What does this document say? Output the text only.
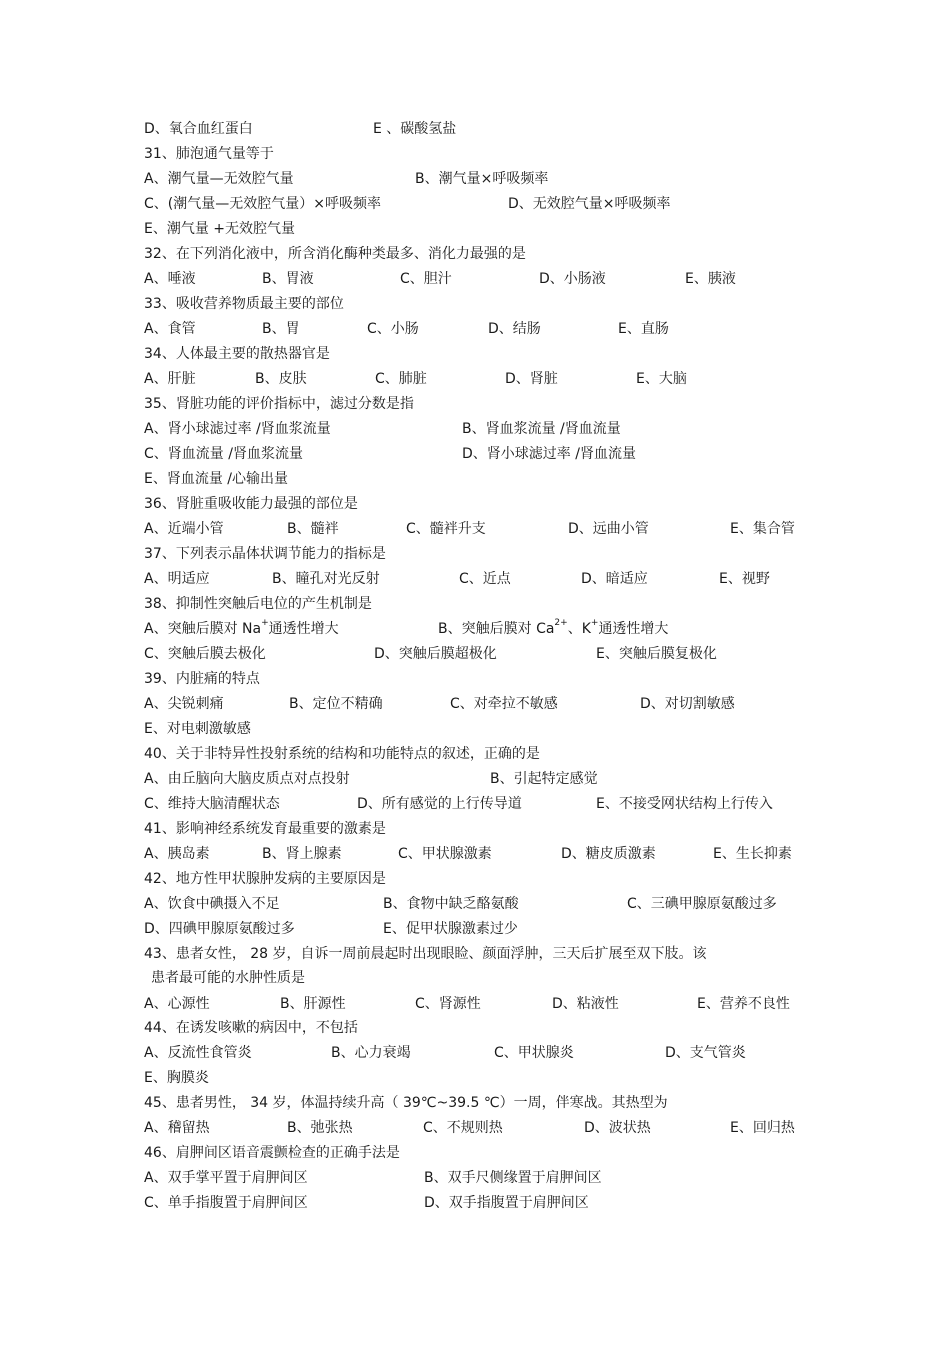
D、氧合血红蛋白	E 、碳酸氢盐
31、肺泡通气量等于
A、潮气量—无效腔气量	B、潮气量×呼吸频率
C、(潮气量—无效腔气量）×呼吸频率	D、无效腔气量×呼吸频率
E、潮气量 +无效腔气量
32、在下列消化液中，所含消化酶种类最多、消化力最强的是
A、唾液	B、胃液	C、胆汁	D、小肠液	E、胰液
33、吸收营养物质最主要的部位
A、食管	B、胃	C、小肠	D、结肠	E、直肠
34、人体最主要的散热器官是
A、肝脏	B、皮肤	C、肺脏	D、肾脏	E、大脑
35、肾脏功能的评价指标中，滤过分数是指
A、肾小球滤过率 /肾血浆流量	B、肾血浆流量 /肾血流量
C、肾血流量 /肾血浆流量	D、肾小球滤过率 /肾血流量
E、肾血流量 /心输出量
36、肾脏重吸收能力最强的部位是
A、近端小管	B、髓袢	C、髓袢升支	D、远曲小管	E、集合管
37、下列表示晶体状调节能力的指标是
A、明适应	B、瞳孔对光反射	C、近点	D、暗适应	E、视野
38、抑制性突触后电位的产生机制是
A、突触后膜对 Na+通透性增大	B、突触后膜对 $Ca^{2+}$、K+通透性增大
C、突触后膜去极化	D、突触后膜超极化	E、突触后膜复极化
39、内脏痛的特点
A、尖锐刺痛	B、定位不精确	C、对牵拉不敏感	D、对切割敏感
E、对电刺激敏感
40、关于非特异性投射系统的结构和功能特点的叙述，正确的是
A、由丘脑向大脑皮质点对点投射	B、引起特定感觉
C、维持大脑清醒状态	D、所有感觉的上行传导道	E、不接受网状结构上行传入
41、影响神经系统发育最重要的激素是
A、胰岛素	B、肾上腺素	C、甲状腺激素	D、糖皮质激素	E、生长抑素
42、地方性甲状腺肿发病的主要原因是
A、饮食中碘摄入不足	B、食物中缺乏酪氨酸	C、三碘甲腺原氨酸过多
D、四碘甲腺原氨酸过多	E、促甲状腺激素过少
43、患者女性， 28 岁，自诉一周前晨起时出现眼睑、颜面浮肿，三天后扩展至双下肢。该
患者最可能的水肿性质是
A、心源性	B、肝源性	C、肾源性	D、粘液性	E、营养不良性
44、在诱发咳嗽的病因中，不包括
A、反流性食管炎	B、心力衰竭	C、甲状腺炎	D、支气管炎
E、胸膜炎
45、患者男性， 34 岁，体温持续升高（ 39℃~39.5 ℃）一周，伴寒战。其热型为
A、稽留热	B、弛张热	C、不规则热	D、波状热	E、回归热
46、肩胛间区语音震颤检查的正确手法是
A、双手掌平置于肩胛间区	B、双手尺侧缘置于肩胛间区
C、单手指腹置于肩胛间区	D、双手指腹置于肩胛间区
